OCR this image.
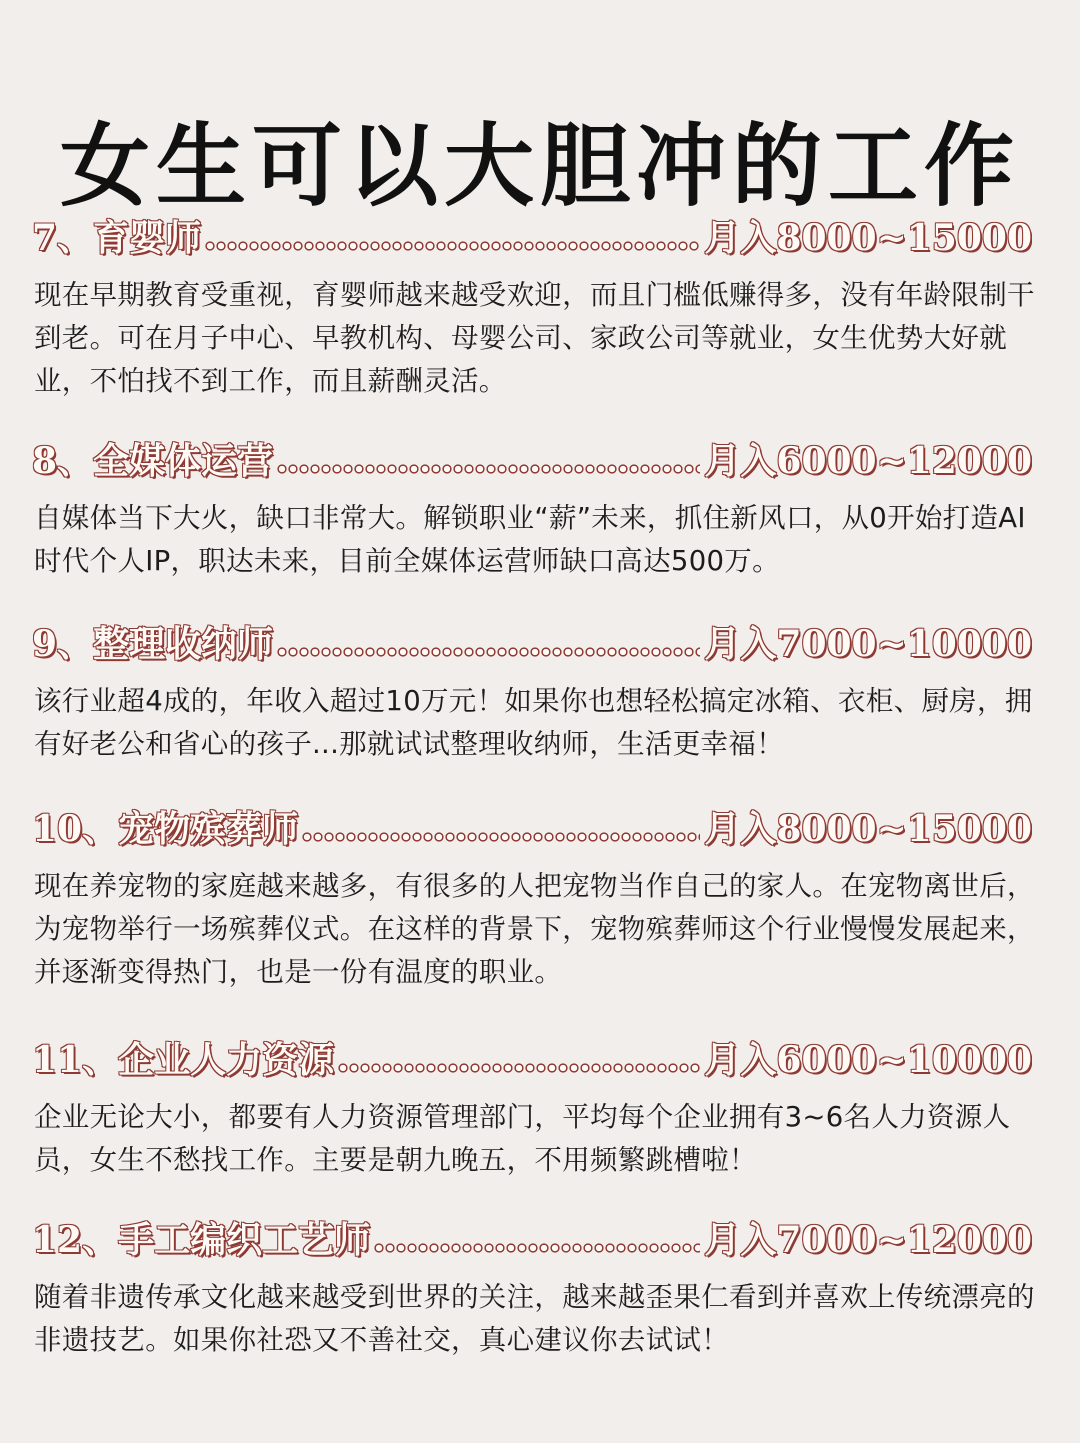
女生可以大胆冲的工作
7、育婴师	月入8000~15000

现在早期教育受重视，育婴师越来越受欢迎，而且门槛低赚得多，没有年龄限制干到老。可在月子中心、早教机构、母婴公司、家政公司等就业，女生优势大好就业，不怕找不到工作，而且薪酬灵活。

8、全媒体运营	月入6000~12000

自媒体当下大火，缺口非常大。解锁职业“薪”未来，抓住新风口，从0开始打造AI时代个人IP，职达未来，目前全媒体运营师缺口高达500万。

9、整理收纳师	月入7000~10000

该行业超4成的，年收入超过10万元！如果你也想轻松搞定冰箱、衣柜、厨房，拥有好老公和省心的孩子...那就试试整理收纳师，生活更幸福！

10、宠物殡葬师	月入8000~15000

现在养宠物的家庭越来越多，有很多的人把宠物当作自己的家人。在宠物离世后，为宠物举行一场殡葬仪式。在这样的背景下，宠物殡葬师这个行业慢慢发展起来，并逐渐变得热门，也是一份有温度的职业。

11、企业人力资源	月入6000~10000

企业无论大小，都要有人力资源管理部门，平均每个企业拥有3~6名人力资源人员，女生不愁找工作。主要是朝九晚五，不用频繁跳槽啦！

12、手工编织工艺师	月入7000~12000

随着非遗传承文化越来越受到世界的关注，越来越歪果仁看到并喜欢上传统漂亮的非遗技艺。如果你社恐又不善社交，真心建议你去试试！
